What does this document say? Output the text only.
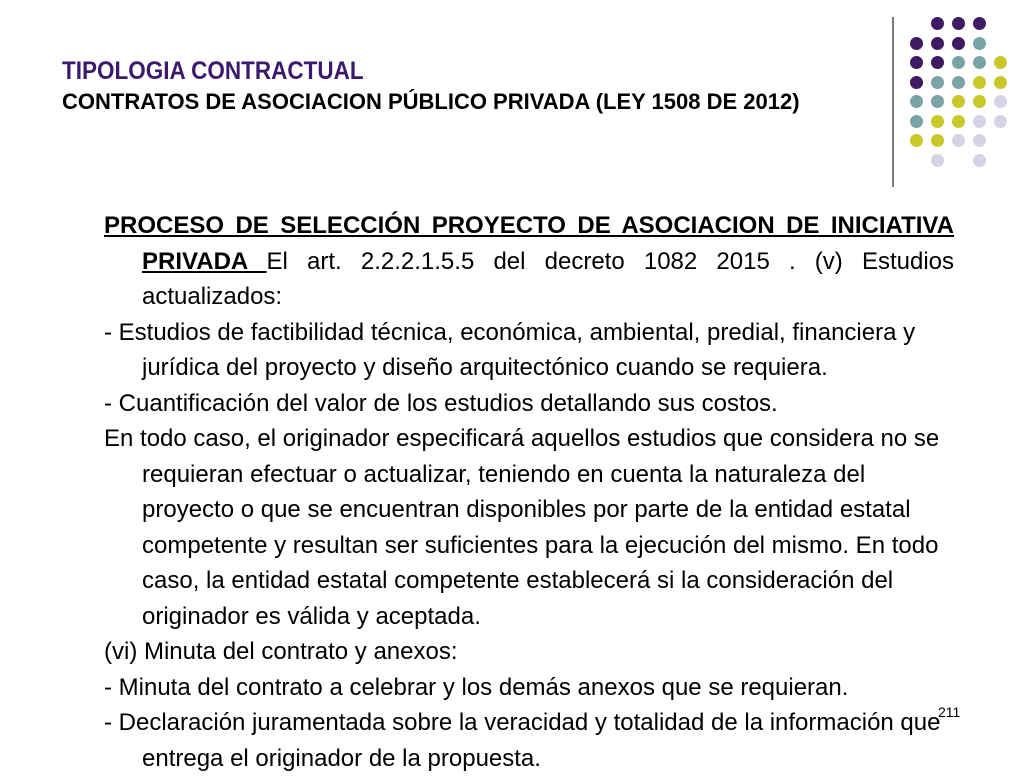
TIPOLOGIA CONTRACTUAL
CONTRATOS DE ASOCIACION PÚBLICO PRIVADA (LEY 1508 DE 2012)

PROCESO DE SELECCIÓN PROYECTO DE ASOCIACION DE INICIATIVA PRIVADA El art. 2.2.2.1.5.5 del decreto 1082 2015 . (v) Estudios actualizados:

- Estudios de factibilidad técnica, económica, ambiental, predial, financiera y jurídica del proyecto y diseño arquitectónico cuando se requiera.

- Cuantificación del valor de los estudios detallando sus costos.

En todo caso, el originador especificará aquellos estudios que considera no se requieran efectuar o actualizar, teniendo en cuenta la naturaleza del proyecto o que se encuentran disponibles por parte de la entidad estatal competente y resultan ser suficientes para la ejecución del mismo. En todo caso, la entidad estatal competente establecerá si la consideración del originador es válida y aceptada.

(vi) Minuta del contrato y anexos:

- Minuta del contrato a celebrar y los demás anexos que se requieran.

- Declaración juramentada sobre la veracidad y totalidad de la información que entrega el originador de la propuesta.

211
